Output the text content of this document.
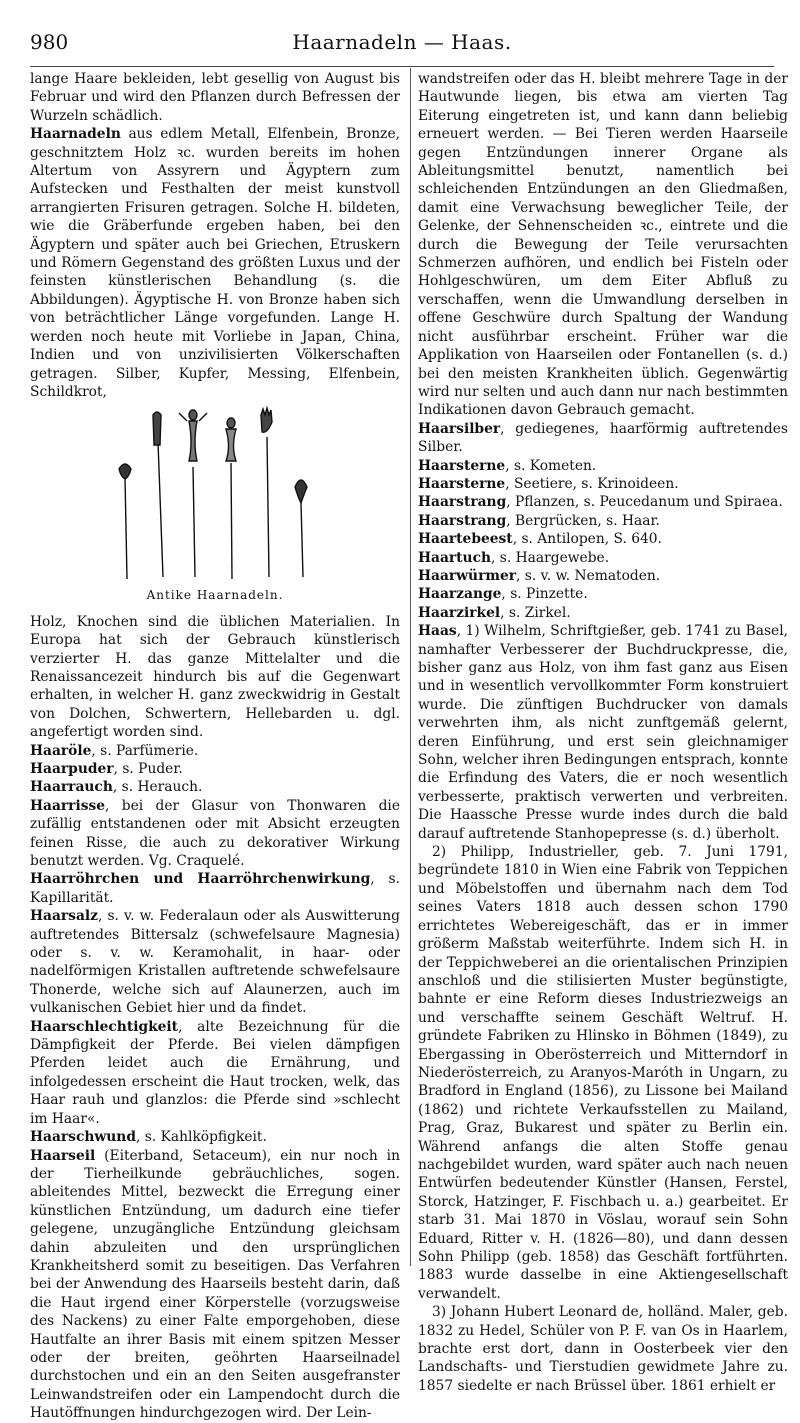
980	Haarnadeln — Haas.

lange Haare bekleiden, lebt gesellig von August bis Februar und wird den Pflanzen durch Befressen der Wurzeln schädlich.

Haarnadeln aus edlem Metall, Elfenbein, Bronze, geschnitztem Holz ꝛc. wurden bereits im hohen Altertum von Assyrern und Ägyptern zum Aufstecken und Festhalten der meist kunstvoll arrangierten Frisuren getragen. Solche H. bildeten, wie die Gräberfunde ergeben haben, bei den Ägyptern und später auch bei Griechen, Etruskern und Römern Gegenstand des größten Luxus und der feinsten künstlerischen Behandlung (s. die Abbildungen). Ägyptische H. von Bronze haben sich von beträchtlicher Länge vorgefunden. Lange H. werden noch heute mit Vorliebe in Japan, China, Indien und von unzivilisierten Völkerschaften getragen. Silber, Kupfer, Messing, Elfenbein, Schildkrot,

Antike Haarnadeln.

Holz, Knochen sind die üblichen Materialien. In Europa hat sich der Gebrauch künstlerisch verzierter H. das ganze Mittelalter und die Renaissancezeit hindurch bis auf die Gegenwart erhalten, in welcher H. ganz zweckwidrig in Gestalt von Dolchen, Schwertern, Hellebarden u. dgl. angefertigt worden sind.

Haaröle, s. Parfümerie.

Haarpuder, s. Puder.

Haarrauch, s. Herauch.

Haarrisse, bei der Glasur von Thonwaren die zufällig entstandenen oder mit Absicht erzeugten feinen Risse, die auch zu dekorativer Wirkung benutzt werden. Vg. Craquelé.

Haarröhrchen und Haarröhrchenwirkung, s. Kapillarität.

Haarsalz, s. v. w. Federalaun oder als Auswitterung auftretendes Bittersalz (schwefelsaure Magnesia) oder s. v. w. Keramohalit, in haar- oder nadelförmigen Kristallen auftretende schwefelsaure Thonerde, welche sich auf Alaunerzen, auch im vulkanischen Gebiet hier und da findet.

Haarschlechtigkeit, alte Bezeichnung für die Dämpfigkeit der Pferde. Bei vielen dämpfigen Pferden leidet auch die Ernährung, und infolgedessen erscheint die Haut trocken, welk, das Haar rauh und glanzlos: die Pferde sind »schlecht im Haar«.

Haarschwund, s. Kahlköpfigkeit.

Haarseil (Eiterband, Setaceum), ein nur noch in der Tierheilkunde gebräuchliches, sogen. ableitendes Mittel, bezweckt die Erregung einer künstlichen Entzündung, um dadurch eine tiefer gelegene, unzugängliche Entzündung gleichsam dahin abzuleiten und den ursprünglichen Krankheitsherd somit zu beseitigen. Das Verfahren bei der Anwendung des Haarseils besteht darin, daß die Haut irgend einer Körperstelle (vorzugsweise des Nackens) zu einer Falte emporgehoben, diese Hautfalte an ihrer Basis mit einem spitzen Messer oder der breiten, geöhrten Haarseilnadel durchstochen und ein an den Seiten ausgefranster Leinwandstreifen oder ein Lampendocht durch die Hautöffnungen hindurchgezogen wird. Der Lein-

wandstreifen oder das H. bleibt mehrere Tage in der Hautwunde liegen, bis etwa am vierten Tag Eiterung eingetreten ist, und kann dann beliebig erneuert werden. — Bei Tieren werden Haarseile gegen Entzündungen innerer Organe als Ableitungsmittel benutzt, namentlich bei schleichenden Entzündungen an den Gliedmaßen, damit eine Verwachsung beweglicher Teile, der Gelenke, der Sehnenscheiden ꝛc., eintrete und die durch die Bewegung der Teile verursachten Schmerzen aufhören, und endlich bei Fisteln oder Hohlgeschwüren, um dem Eiter Abfluß zu verschaffen, wenn die Umwandlung derselben in offene Geschwüre durch Spaltung der Wandung nicht ausführbar erscheint. Früher war die Applikation von Haarseilen oder Fontanellen (s. d.) bei den meisten Krankheiten üblich. Gegenwärtig wird nur selten und auch dann nur nach bestimmten Indikationen davon Gebrauch gemacht.

Haarsilber, gediegenes, haarförmig auftretendes Silber.

Haarsterne, s. Kometen.

Haarsterne, Seetiere, s. Krinoideen.

Haarstrang, Pflanzen, s. Peucedanum und Spiraea.

Haarstrang, Bergrücken, s. Haar.

Haartebeest, s. Antilopen, S. 640.

Haartuch, s. Haargewebe.

Haarwürmer, s. v. w. Nematoden.

Haarzange, s. Pinzette.

Haarzirkel, s. Zirkel.

Haas, 1) Wilhelm, Schriftgießer, geb. 1741 zu Basel, namhafter Verbesserer der Buchdruckpresse, die, bisher ganz aus Holz, von ihm fast ganz aus Eisen und in wesentlich vervollkommter Form konstruiert wurde. Die zünftigen Buchdrucker von damals verwehrten ihm, als nicht zunftgemäß gelernt, deren Einführung, und erst sein gleichnamiger Sohn, welcher ihren Bedingungen entsprach, konnte die Erfindung des Vaters, die er noch wesentlich verbesserte, praktisch verwerten und verbreiten. Die Haassche Presse wurde indes durch die bald darauf auftretende Stanhopepresse (s. d.) überholt.

2) Philipp, Industrieller, geb. 7. Juni 1791, begründete 1810 in Wien eine Fabrik von Teppichen und Möbelstoffen und übernahm nach dem Tod seines Vaters 1818 auch dessen schon 1790 errichtetes Webereigeschäft, das er in immer größerm Maßstab weiterführte. Indem sich H. in der Teppichweberei an die orientalischen Prinzipien anschloß und die stilisierten Muster begünstigte, bahnte er eine Reform dieses Industriezweigs an und verschaffte seinem Geschäft Weltruf. H. gründete Fabriken zu Hlinsko in Böhmen (1849), zu Ebergassing in Oberösterreich und Mitterndorf in Niederösterreich, zu Aranyos-Maróth in Ungarn, zu Bradford in England (1856), zu Lissone bei Mailand (1862) und richtete Verkaufsstellen zu Mailand, Prag, Graz, Bukarest und später zu Berlin ein. Während anfangs die alten Stoffe genau nachgebildet wurden, ward später auch nach neuen Entwürfen bedeutender Künstler (Hansen, Ferstel, Storck, Hatzinger, F. Fischbach u. a.) gearbeitet. Er starb 31. Mai 1870 in Vöslau, worauf sein Sohn Eduard, Ritter v. H. (1826—80), und dann dessen Sohn Philipp (geb. 1858) das Geschäft fortführten. 1883 wurde dasselbe in eine Aktiengesellschaft verwandelt.

3) Johann Hubert Leonard de, holländ. Maler, geb. 1832 zu Hedel, Schüler von P. F. van Os in Haarlem, brachte erst dort, dann in Oosterbeek vier den Landschafts- und Tierstudien gewidmete Jahre zu. 1857 siedelte er nach Brüssel über. 1861 erhielt er
